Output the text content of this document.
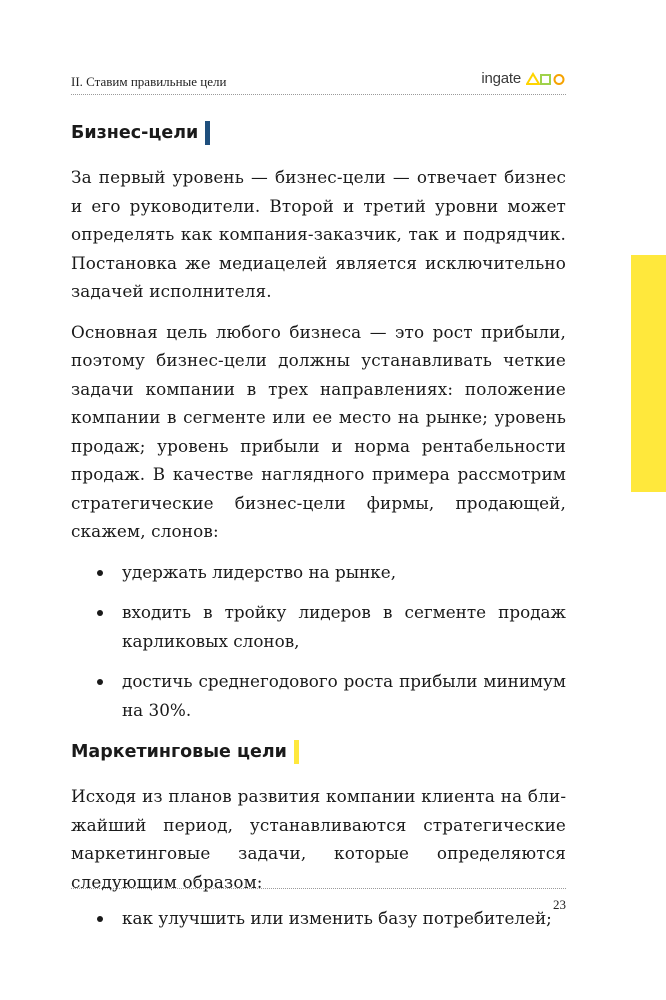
II. Ставим правильные цели	ingate
Бизнес-цели

За первый уровень — бизнес-цели — отвечает бизнес и его руководители. Второй и третий уровни может определять как компания-заказчик, так и подрядчик. Постановка же медиацелей является исключительно задачей исполнителя.

Основная цель любого бизнеса — это рост прибыли, поэтому бизнес-цели должны устанавливать четкие задачи компании в трех направлениях: положение компании в сегменте или ее место на рынке; уровень продаж; уровень прибыли и норма рентабельности продаж. В качестве наглядного примера рассмотрим стратегические бизнес-цели фирмы, продающей, скажем, слонов:

удержать лидерство на рынке,
входить в тройку лидеров в сегменте продаж карликовых слонов,
достичь среднегодового роста прибыли минимум на 30%.
Маркетинговые цели

Исходя из планов развития компании клиента на ближайший период, устанавливаются стратегические маркетинговые задачи, которые определяются следующим образом:

как улучшить или изменить базу потребителей;
23
